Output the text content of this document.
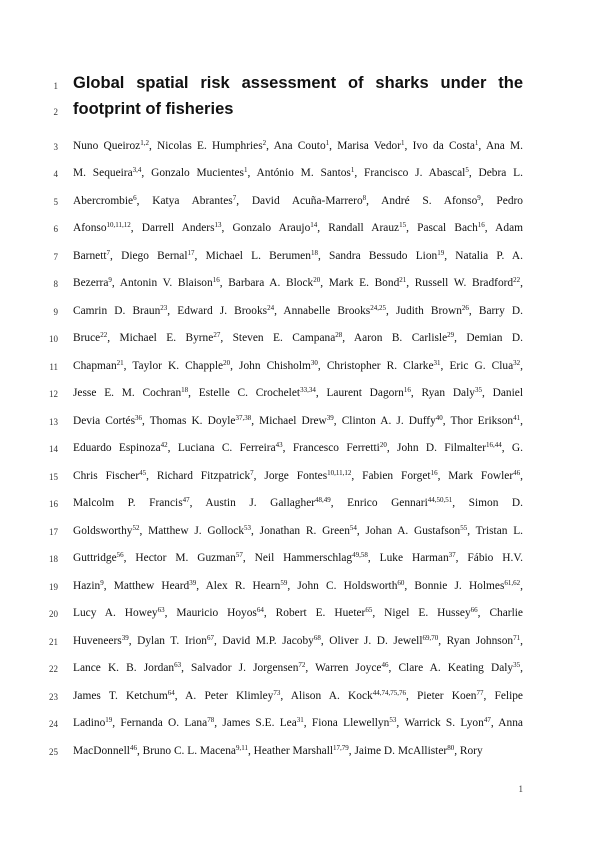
1
2
3
4
5
6
7
8
9
10
11
12
13
14
15
16
17
18
19
20
21
22
23
24
25
Global spatial risk assessment of sharks under the
footprint of fisheries

Nuno Queiroz$^{1,2}$, Nicolas E. Humphries$^2$, Ana Couto$^1$, Marisa Vedor$^1$, Ivo da Costa$^1$, Ana M.

M. Sequeira$^{3,4}$, Gonzalo Mucientes$^1$, António M. Santos$^1$, Francisco J. Abascal$^5$, Debra L.

Abercrombie$^6$, Katya Abrantes$^7$, David Acuña-Marrero$^8$, André S. Afonso$^9$, Pedro

Afonso$^{10,11,12}$, Darrell Anders$^{13}$, Gonzalo Araujo$^{14}$, Randall Arauz$^{15}$, Pascal Bach$^{16}$, Adam

Barnett$^7$, Diego Bernal$^{17}$, Michael L. Berumen$^{18}$, Sandra Bessudo Lion$^{19}$, Natalia P. A.

Bezerra$^9$, Antonin V. Blaison$^{16}$, Barbara A. Block$^{20}$, Mark E. Bond$^{21}$, Russell W. Bradford$^{22}$,

Camrin D. Braun$^{23}$, Edward J. Brooks$^{24}$, Annabelle Brooks$^{24,25}$, Judith Brown$^{26}$, Barry D.

Bruce$^{22}$, Michael E. Byrne$^{27}$, Steven E. Campana$^{28}$, Aaron B. Carlisle$^{29}$, Demian D.

Chapman$^{21}$, Taylor K. Chapple$^{20}$, John Chisholm$^{30}$, Christopher R. Clarke$^{31}$, Eric G. Clua$^{32}$,

Jesse E. M. Cochran$^{18}$, Estelle C. Crochelet$^{33,34}$, Laurent Dagorn$^{16}$, Ryan Daly$^{35}$, Daniel

Devia Cortés$^{36}$, Thomas K. Doyle$^{37,38}$, Michael Drew$^{39}$, Clinton A. J. Duffy$^{40}$, Thor Erikson$^{41}$,

Eduardo Espinoza$^{42}$, Luciana C. Ferreira$^{43}$, Francesco Ferretti$^{20}$, John D. Filmalter$^{16,44}$, G.

Chris Fischer$^{45}$, Richard Fitzpatrick$^7$, Jorge Fontes$^{10,11,12}$, Fabien Forget$^{16}$, Mark Fowler$^{46}$,

Malcolm P. Francis$^{47}$, Austin J. Gallagher$^{48,49}$, Enrico Gennari$^{44,50,51}$, Simon D.

Goldsworthy$^{52}$, Matthew J. Gollock$^{53}$, Jonathan R. Green$^{54}$, Johan A. Gustafson$^{55}$, Tristan L.

Guttridge$^{56}$, Hector M. Guzman$^{57}$, Neil Hammerschlag$^{49,58}$, Luke Harman$^{37}$, Fábio H.V.

Hazin$^9$, Matthew Heard$^{39}$, Alex R. Hearn$^{59}$, John C. Holdsworth$^{60}$, Bonnie J. Holmes$^{61,62}$,

Lucy A. Howey$^{63}$, Mauricio Hoyos$^{64}$, Robert E. Hueter$^{65}$, Nigel E. Hussey$^{66}$, Charlie

Huveneers$^{39}$, Dylan T. Irion$^{67}$, David M.P. Jacoby$^{68}$, Oliver J. D. Jewell$^{69,70}$, Ryan Johnson$^{71}$,

Lance K. B. Jordan$^{63}$, Salvador J. Jorgensen$^{72}$, Warren Joyce$^{46}$, Clare A. Keating Daly$^{35}$,

James T. Ketchum$^{64}$, A. Peter Klimley$^{73}$, Alison A. Kock$^{44,74,75,76}$, Pieter Koen$^{77}$, Felipe

Ladino$^{19}$, Fernanda O. Lana$^{78}$, James S.E. Lea$^{31}$, Fiona Llewellyn$^{53}$, Warrick S. Lyon$^{47}$, Anna

MacDonnell$^{46}$, Bruno C. L. Macena$^{9,11}$, Heather Marshall$^{17,79}$, Jaime D. McAllister$^{80}$, Rory

1
